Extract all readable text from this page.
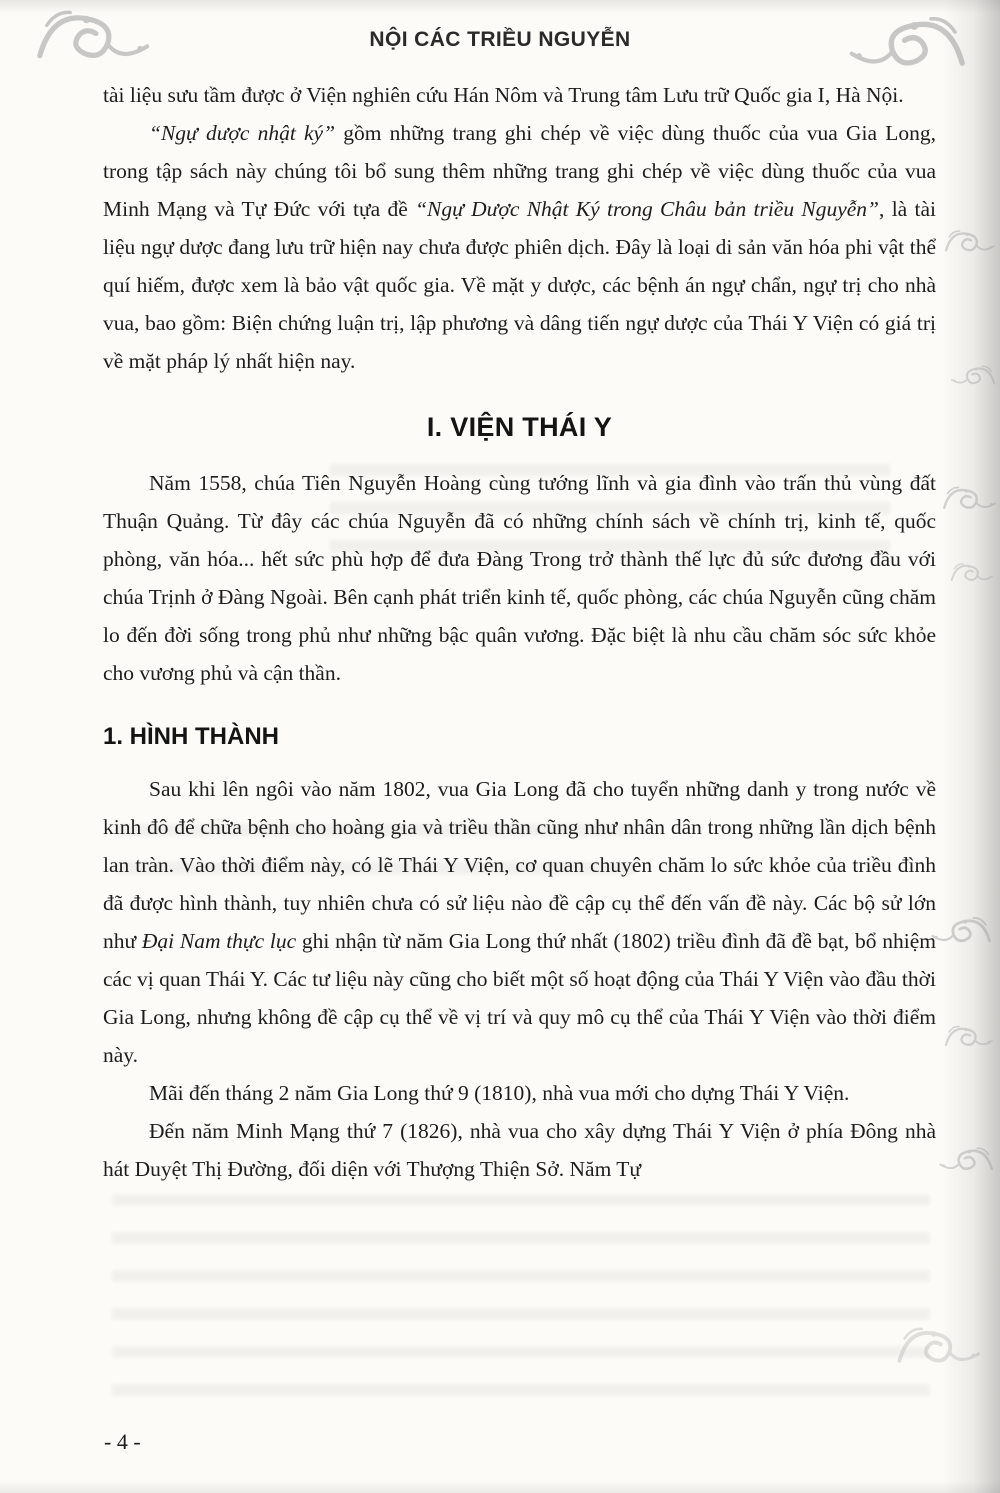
NỘI CÁC TRIỀU NGUYỄN

tài liệu sưu tầm được ở Viện nghiên cứu Hán Nôm và Trung tâm Lưu trữ Quốc gia I, Hà Nội.

“Ngự dược nhật ký” gồm những trang ghi chép về việc dùng thuốc của vua Gia Long, trong tập sách này chúng tôi bổ sung thêm những trang ghi chép về việc dùng thuốc của vua Minh Mạng và Tự Đức với tựa đề “Ngự Dược Nhật Ký trong Châu bản triều Nguyễn”, là tài liệu ngự dược đang lưu trữ hiện nay chưa được phiên dịch. Đây là loại di sản văn hóa phi vật thể quí hiếm, được xem là bảo vật quốc gia. Về mặt y dược, các bệnh án ngự chẩn, ngự trị cho nhà vua, bao gồm: Biện chứng luận trị, lập phương và dâng tiến ngự dược của Thái Y Viện có giá trị về mặt pháp lý nhất hiện nay.

I. VIỆN THÁI Y

Năm 1558, chúa Tiên Nguyễn Hoàng cùng tướng lĩnh và gia đình vào trấn thủ vùng đất Thuận Quảng. Từ đây các chúa Nguyễn đã có những chính sách về chính trị, kinh tế, quốc phòng, văn hóa... hết sức phù hợp để đưa Đàng Trong trở thành thế lực đủ sức đương đầu với chúa Trịnh ở Đàng Ngoài. Bên cạnh phát triển kinh tế, quốc phòng, các chúa Nguyễn cũng chăm lo đến đời sống trong phủ như những bậc quân vương. Đặc biệt là nhu cầu chăm sóc sức khỏe cho vương phủ và cận thần.

1. HÌNH THÀNH

Sau khi lên ngôi vào năm 1802, vua Gia Long đã cho tuyển những danh y trong nước về kinh đô để chữa bệnh cho hoàng gia và triều thần cũng như nhân dân trong những lần dịch bệnh lan tràn. Vào thời điểm này, có lẽ Thái Y Viện, cơ quan chuyên chăm lo sức khỏe của triều đình đã được hình thành, tuy nhiên chưa có sử liệu nào đề cập cụ thể đến vấn đề này. Các bộ sử lớn như Đại Nam thực lục ghi nhận từ năm Gia Long thứ nhất (1802) triều đình đã đề bạt, bổ nhiệm các vị quan Thái Y. Các tư liệu này cũng cho biết một số hoạt động của Thái Y Viện vào đầu thời Gia Long, nhưng không đề cập cụ thể về vị trí và quy mô cụ thể của Thái Y Viện vào thời điểm này.

Mãi đến tháng 2 năm Gia Long thứ 9 (1810), nhà vua mới cho dựng Thái Y Viện.

Đến năm Minh Mạng thứ 7 (1826), nhà vua cho xây dựng Thái Y Viện ở phía Đông nhà hát Duyệt Thị Đường, đối diện với Thượng Thiện Sở. Năm Tự

- 4 -
